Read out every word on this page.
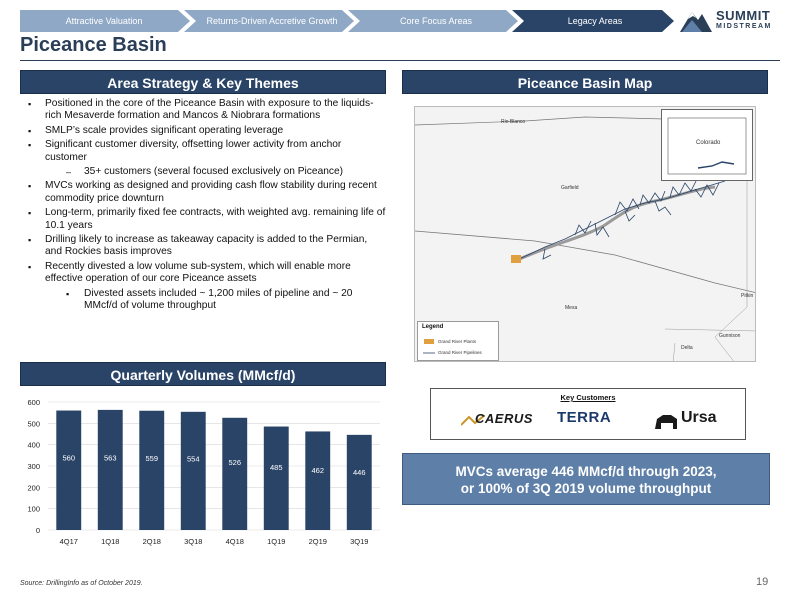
Attractive Valuation	Returns-Driven Accretive Growth	Core Focus Areas	Legacy Areas	SUMMIT
MIDSTREAM
Piceance Basin
Area Strategy & Key Themes
▪ Positioned in the core of the Piceance Basin with exposure to the liquids-rich Mesaverde formation and Mancos & Niobrara formations
▪ SMLP’s scale provides significant operating leverage
▪ Significant customer diversity, offsetting lower activity from anchor customer
– 35+ customers (several focused exclusively on Piceance)
▪ MVCs working as designed and providing cash flow stability during recent commodity price downturn
▪ Long-term, primarily fixed fee contracts, with weighted avg. remaining life of 10.1 years
▪ Drilling likely to increase as takeaway capacity is added to the Permian, and Rockies basis improves
▪ Recently divested a low volume sub-system, which will enable more effective operation of our core Piceance assets
▪ Divested assets included ~ 1,200 miles of pipeline and ~ 20 MMcf/d of volume throughput
Piceance Basin Map
Colorado
Rio Blanco
Garfield
Mesa
Delta
Gunnison
Pitkin
Legend
Grand River Plants
Grand River Pipelines
Quarterly Volumes (MMcf/d)
0
100
200
300
400
500
600
560
4Q17
563
1Q18
559
2Q18
554
3Q18
526
4Q18
485
1Q19
462
2Q19
446
3Q19
Key Customers
CAERUS TERRA	Ursa
MVCs average 446 MMcf/d through 2023,
or 100% of 3Q 2019 volume throughput
Source: DrillingInfo as of October 2019.	19
